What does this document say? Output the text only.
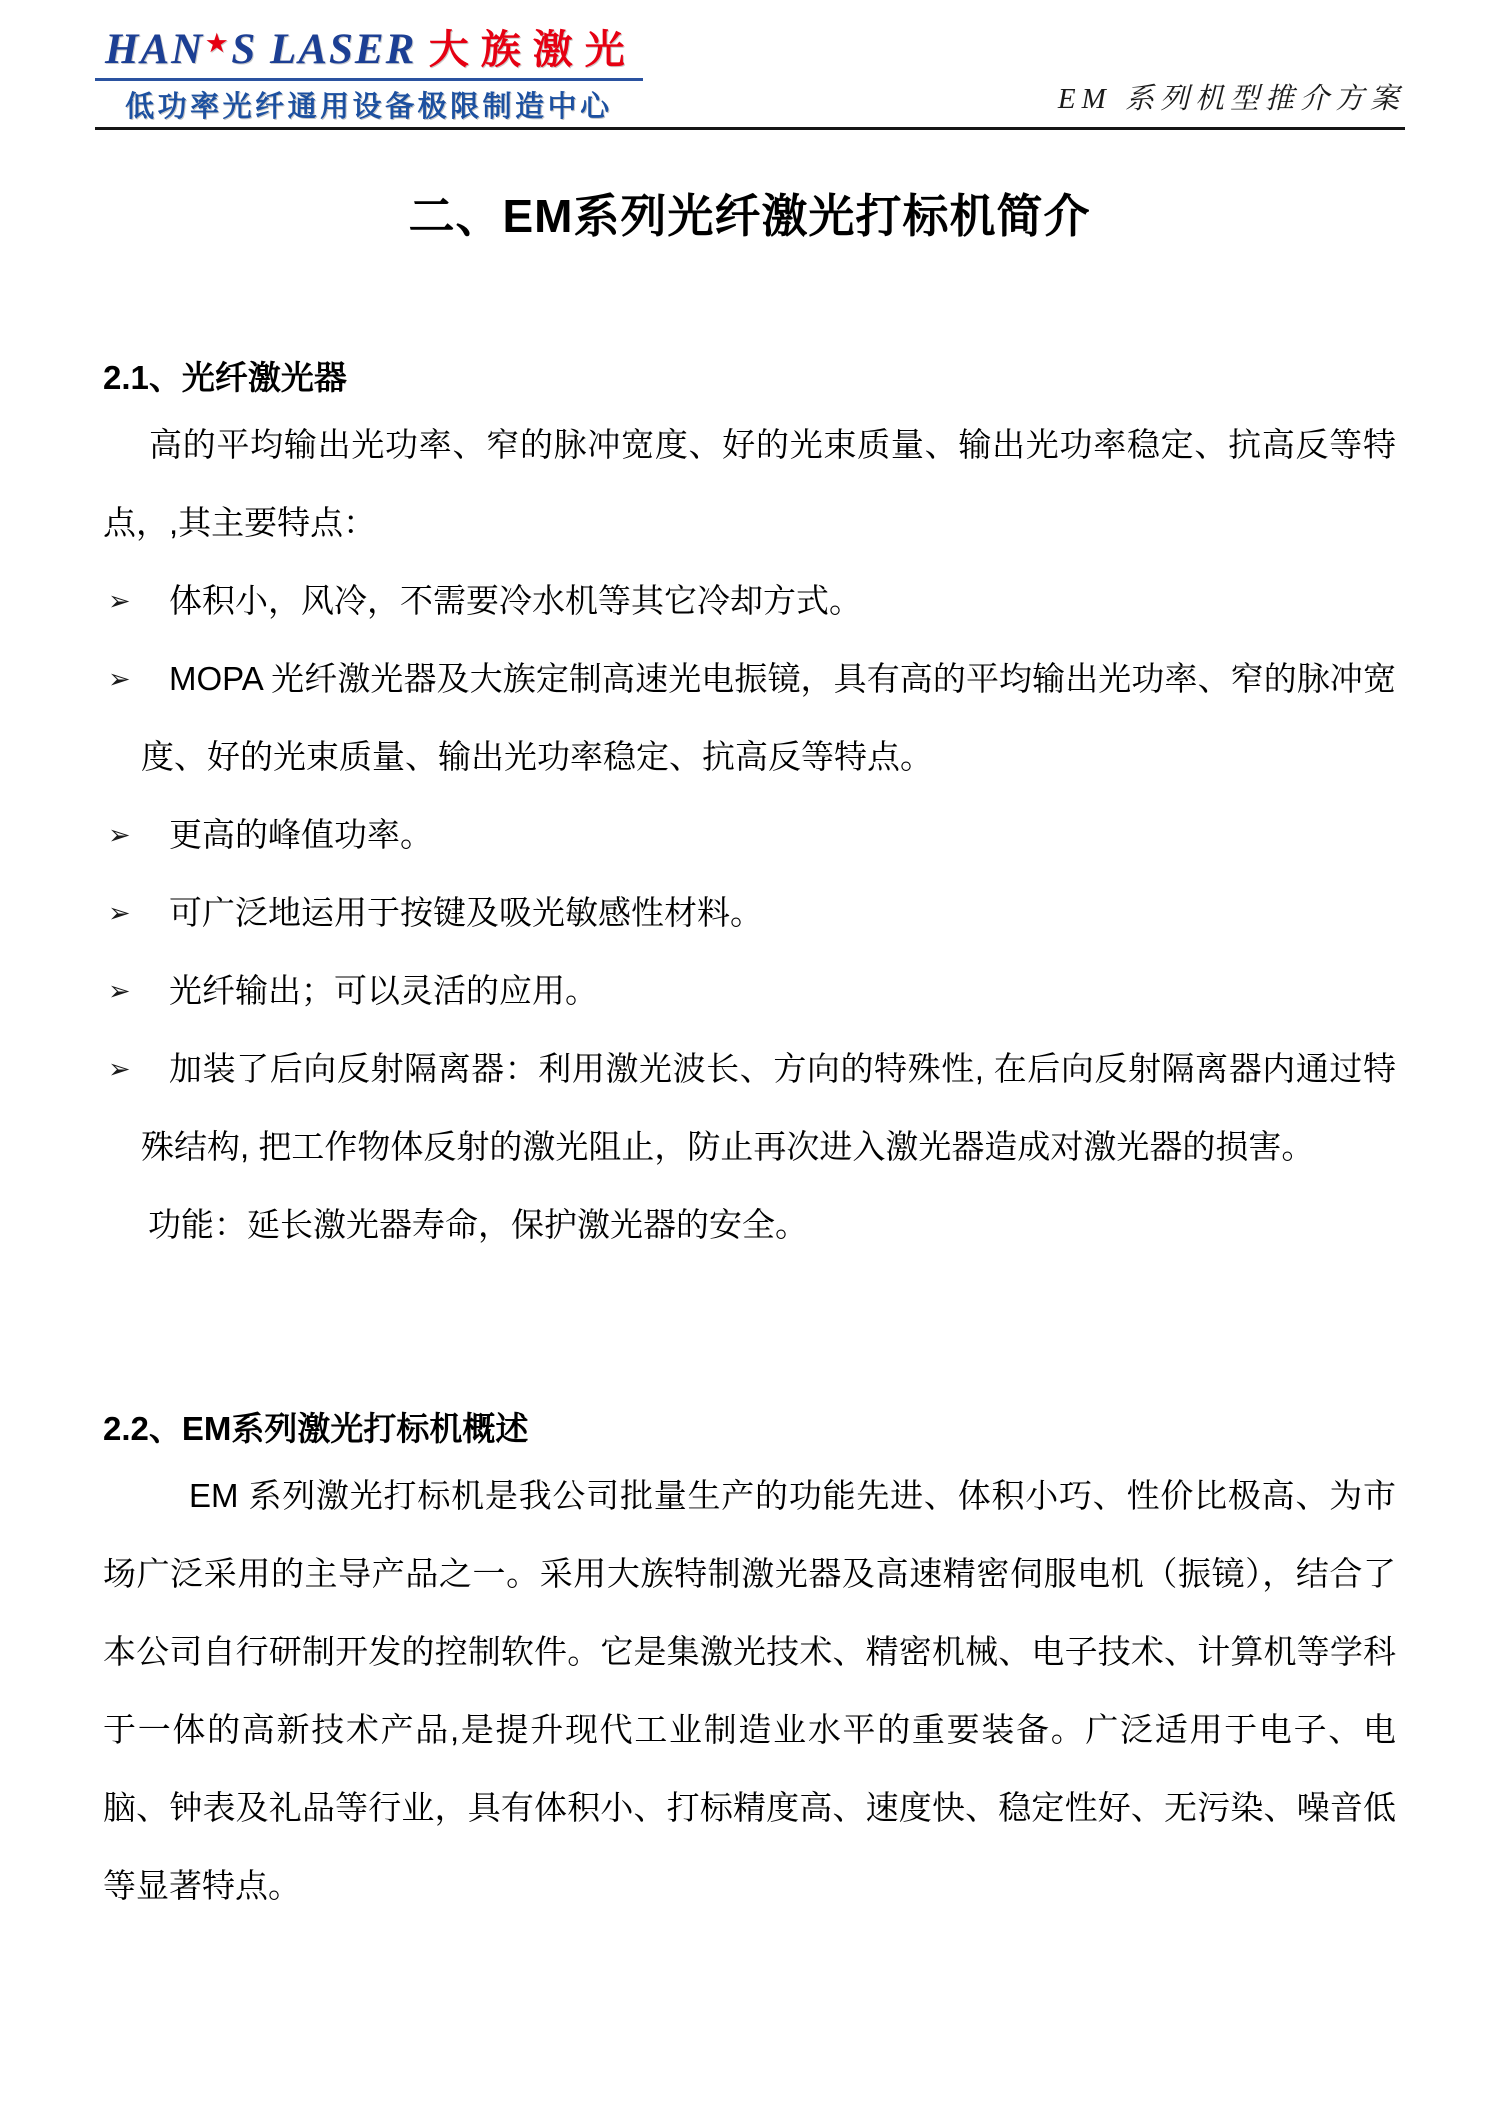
HAN★S LASER 大族激光
低功率光纤通用设备极限制造中心	EM 系列机型推介方案
二、EM系列光纤激光打标机简介
2.1、光纤激光器

高的平均输出光功率、窄的脉冲宽度、好的光束质量、输出光功率稳定、抗高反等特点，,其主要特点：

➢ 体积小，风冷，不需要冷水机等其它冷却方式。
➢ MOPA 光纤激光器及大族定制高速光电振镜，具有高的平均输出光功率、窄的脉冲宽度、好的光束质量、输出光功率稳定、抗高反等特点。
➢ 更高的峰值功率。
➢ 可广泛地运用于按键及吸光敏感性材料。
➢ 光纤输出；可以灵活的应用。
➢ 加装了后向反射隔离器：利用激光波长、方向的特殊性, 在后向反射隔离器内通过特殊结构, 把工作物体反射的激光阻止，防止再次进入激光器造成对激光器的损害。

功能：延长激光器寿命，保护激光器的安全。

2.2、EM系列激光打标机概述

EM 系列激光打标机是我公司批量生产的功能先进、体积小巧、性价比极高、为市场广泛采用的主导产品之一。采用大族特制激光器及高速精密伺服电机（振镜），结合了本公司自行研制开发的控制软件。它是集激光技术、精密机械、电子技术、计算机等学科于一体的高新技术产品,是提升现代工业制造业水平的重要装备。广泛适用于电子、电脑、钟表及礼品等行业，具有体积小、打标精度高、速度快、稳定性好、无污染、噪音低等显著特点。
